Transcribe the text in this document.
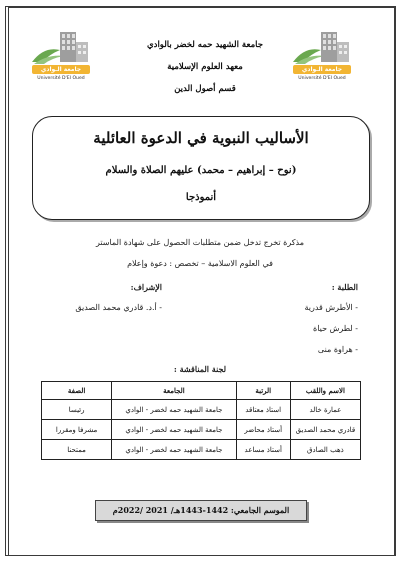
جامعة الـوادي
Université D'El Oued
جامعة الـوادي
Université D'El Oued
جامعة الشهيد حمه لخضر بالوادي
معهد العلوم الإسلامية
قسم أصول الدين
الأساليب النبوية في الدعوة العائلية
(نوح – إبراهيم – محمد) عليهم الصلاة والسلام
أنموذجا
مذكرة تخرج تدخل ضمن متطلبات الحصول على شهادة الماستر
في العلوم الاسلامية – تخصص : دعوة وإعلام
الطلبة :
- الأطرش قدرية
- لطرش حياة
- هراوة منى
الإشراف:
- أ.د. قادري محمد الصديق
لجنة المناقشة :
الاسم واللقب	الرتبة	الجامعة	الصفة
عمارة خالد	استاذ معتاقد	جامعة الشهيد حمه لخضر - الوادي	رئيسا
قادري محمد الصديق	أستاذ محاضر	جامعة الشهيد حمه لخضر - الوادي	مشرفا ومقررا
ذهب الصادق	أستاذ مساعد	جامعة الشهيد حمه لخضر - الوادي	ممتحنا
الموسم الجامعي: 1442-1443هـ/ 2021 /2022م
